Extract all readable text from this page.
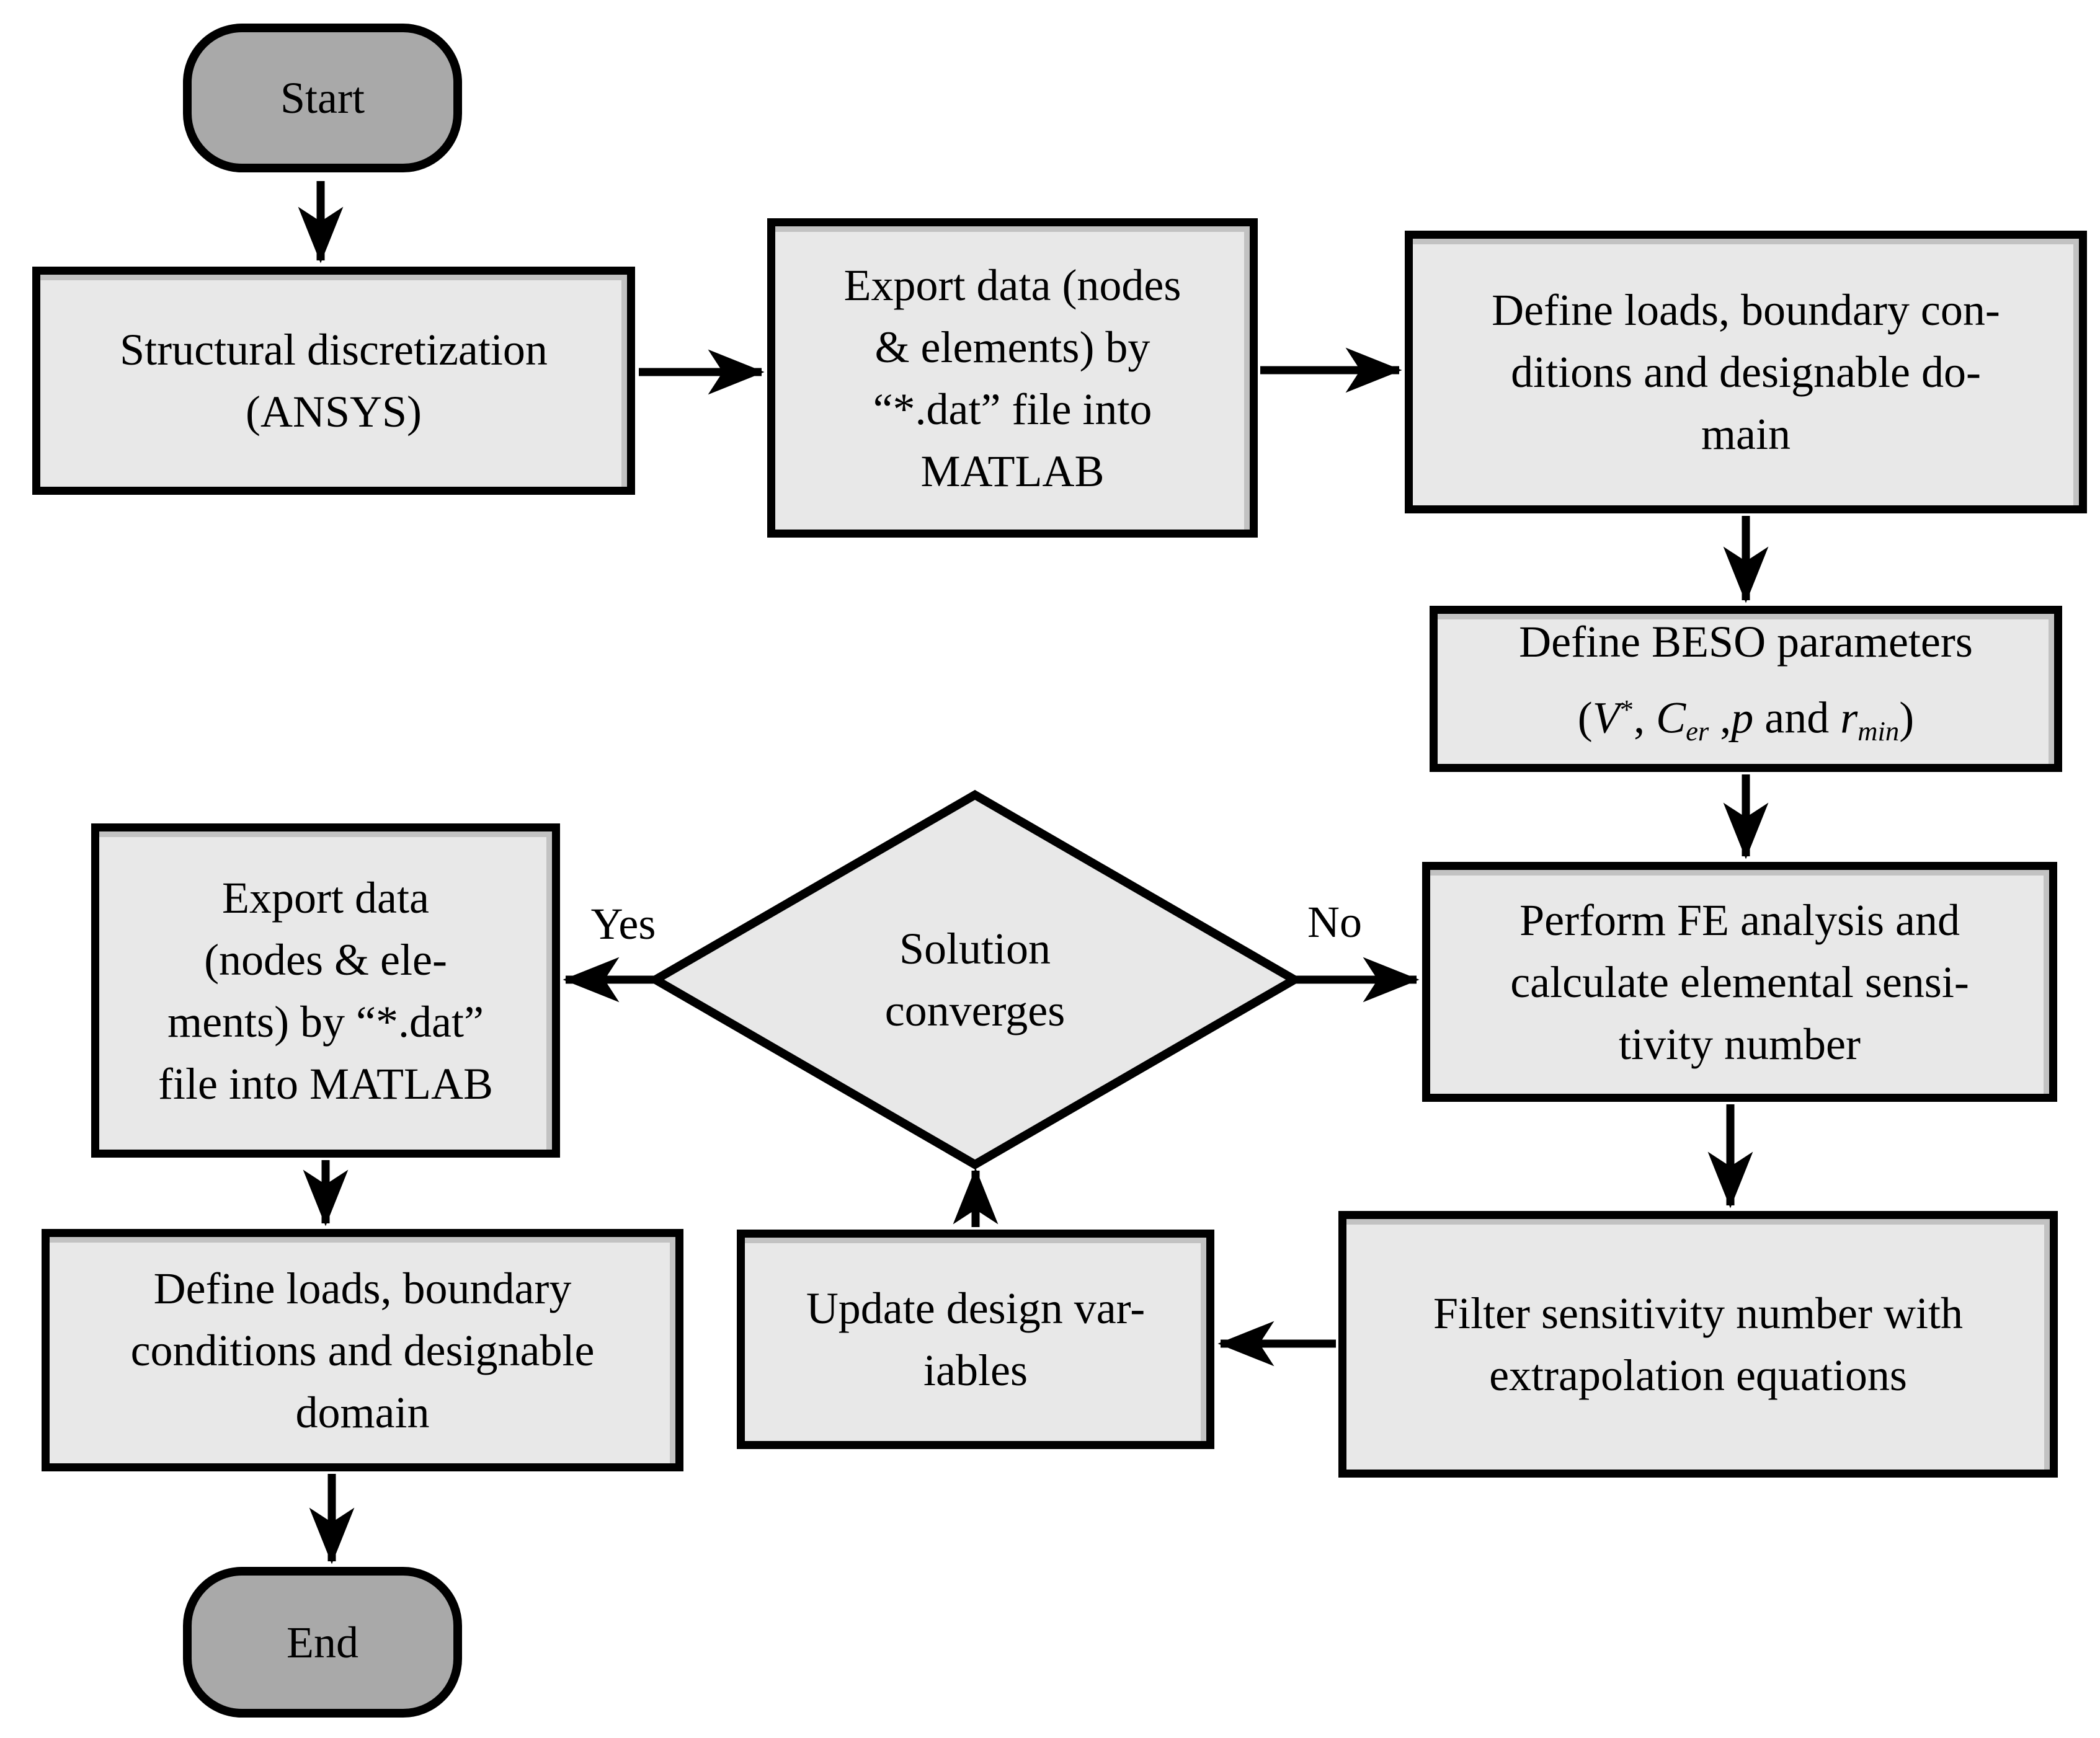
Start
End
Structural discretization
(ANSYS)
Export data (nodes
& elements) by
“*.dat” file into
MATLAB
Define loads, boundary con-
ditions and designable do-
main
Define BESO parameters
(V*, $C_{er}$ ,p and $r_{min}$)
Perform FE analysis and
calculate elemental sensi-
tivity number
Filter sensitivity number with
extrapolation equations
Update design var-
iables
Export data
(nodes & ele-
ments) by “*.dat”
file into MATLAB
Define loads, boundary
conditions and designable
domain
Solution
converges
Yes	No
